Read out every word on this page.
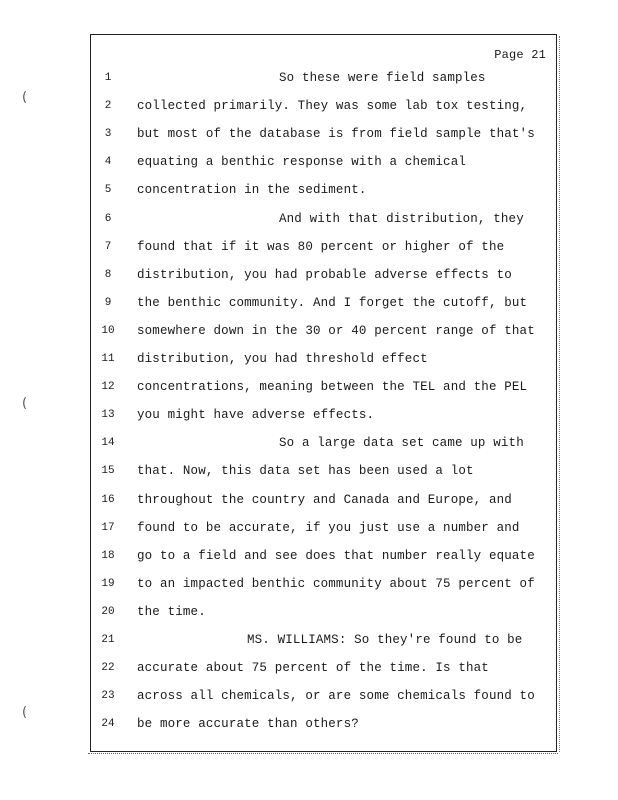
Page 21
1	So these were field samples
2	collected primarily. They was some lab tox testing,
3	but most of the database is from field sample that's
4	equating a benthic response with a chemical
5	concentration in the sediment.
6	And with that distribution, they
7	found that if it was 80 percent or higher of the
8	distribution, you had probable adverse effects to
9	the benthic community. And I forget the cutoff, but
10	somewhere down in the 30 or 40 percent range of that
11	distribution, you had threshold effect
12	concentrations, meaning between the TEL and the PEL
13	you might have adverse effects.
14	So a large data set came up with
15	that. Now, this data set has been used a lot
16	throughout the country and Canada and Europe, and
17	found to be accurate, if you just use a number and
18	go to a field and see does that number really equate
19	to an impacted benthic community about 75 percent of
20	the time.
21	MS. WILLIAMS: So they're found to be
22	accurate about 75 percent of the time. Is that
23	across all chemicals, or are some chemicals found to
24	be more accurate than others?
(
(
(
